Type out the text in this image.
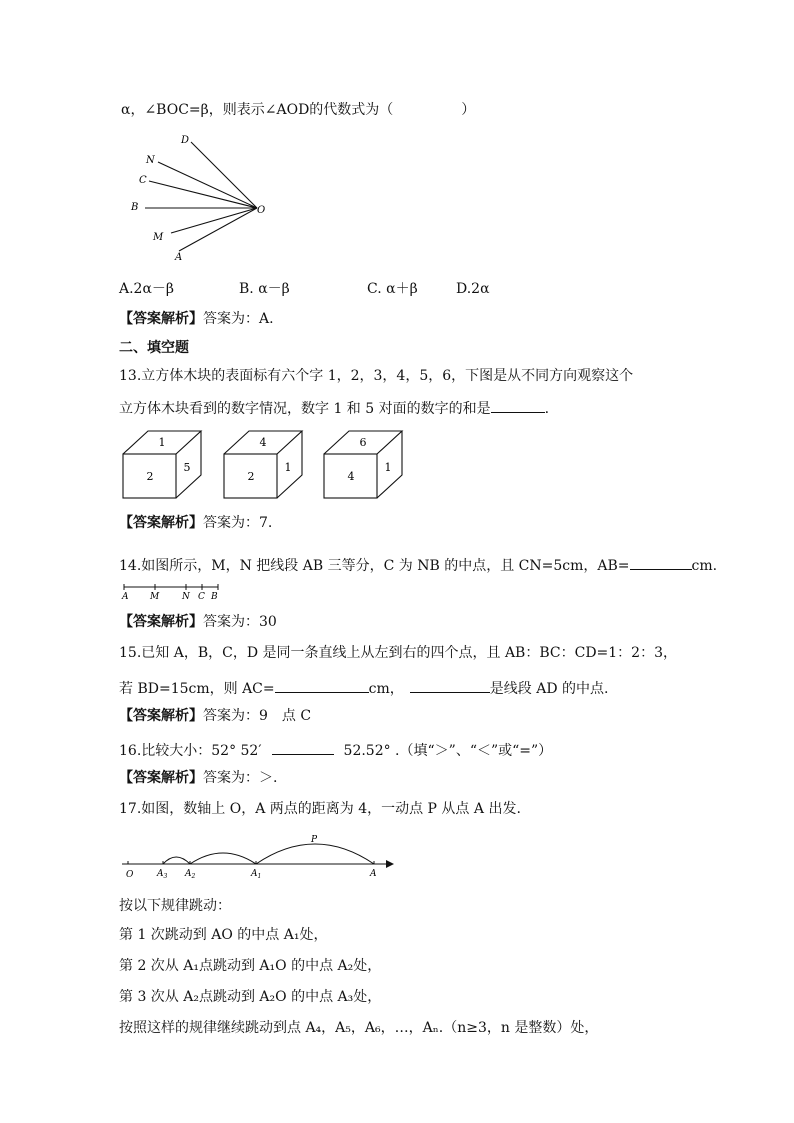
α，∠BOC=β，则表示∠AOD的代数式为（	）
D
N
C
B	O
M
A
A.2α－β	B. α－β	C. α＋β	D.2α
【答案解析】答案为：A.
二、填空题
13.立方体木块的表面标有六个字 1，2，3，4，5，6，下图是从不同方向观察这个
立方体木块看到的数字情况，数字 1 和 5 对面的数字的和是	.
1
2
5
4
2
1
6
4
1
【答案解析】答案为：7.
14.如图所示，M，N 把线段 AB 三等分，C 为 NB 的中点，且 CN=5cm，AB=	cm.
A M	N C B
【答案解析】答案为：30
15.已知 A，B，C，D 是同一条直线上从左到右的四个点，且 AB：BC：CD=1：2：3，
若 BD=15cm，则 AC=	cm，	是线段 AD 的中点.
【答案解析】答案为：9　点 C
16.比较大小：52° 52′	52.52° .（填“＞”、“＜”或“=”）
【答案解析】答案为：＞.
17.如图，数轴上 O，A 两点的距离为 4，一动点 P 从点 A 出发.
P
O	$A_3$ $A_2$	$A_1$	A
按以下规律跳动：
第 1 次跳动到 AO 的中点 A₁处，
第 2 次从 A₁点跳动到 A₁O 的中点 A₂处，
第 3 次从 A₂点跳动到 A₂O 的中点 A₃处，
按照这样的规律继续跳动到点 A₄，A₅，A₆，…，Aₙ.（n≥3，n 是整数）处，
